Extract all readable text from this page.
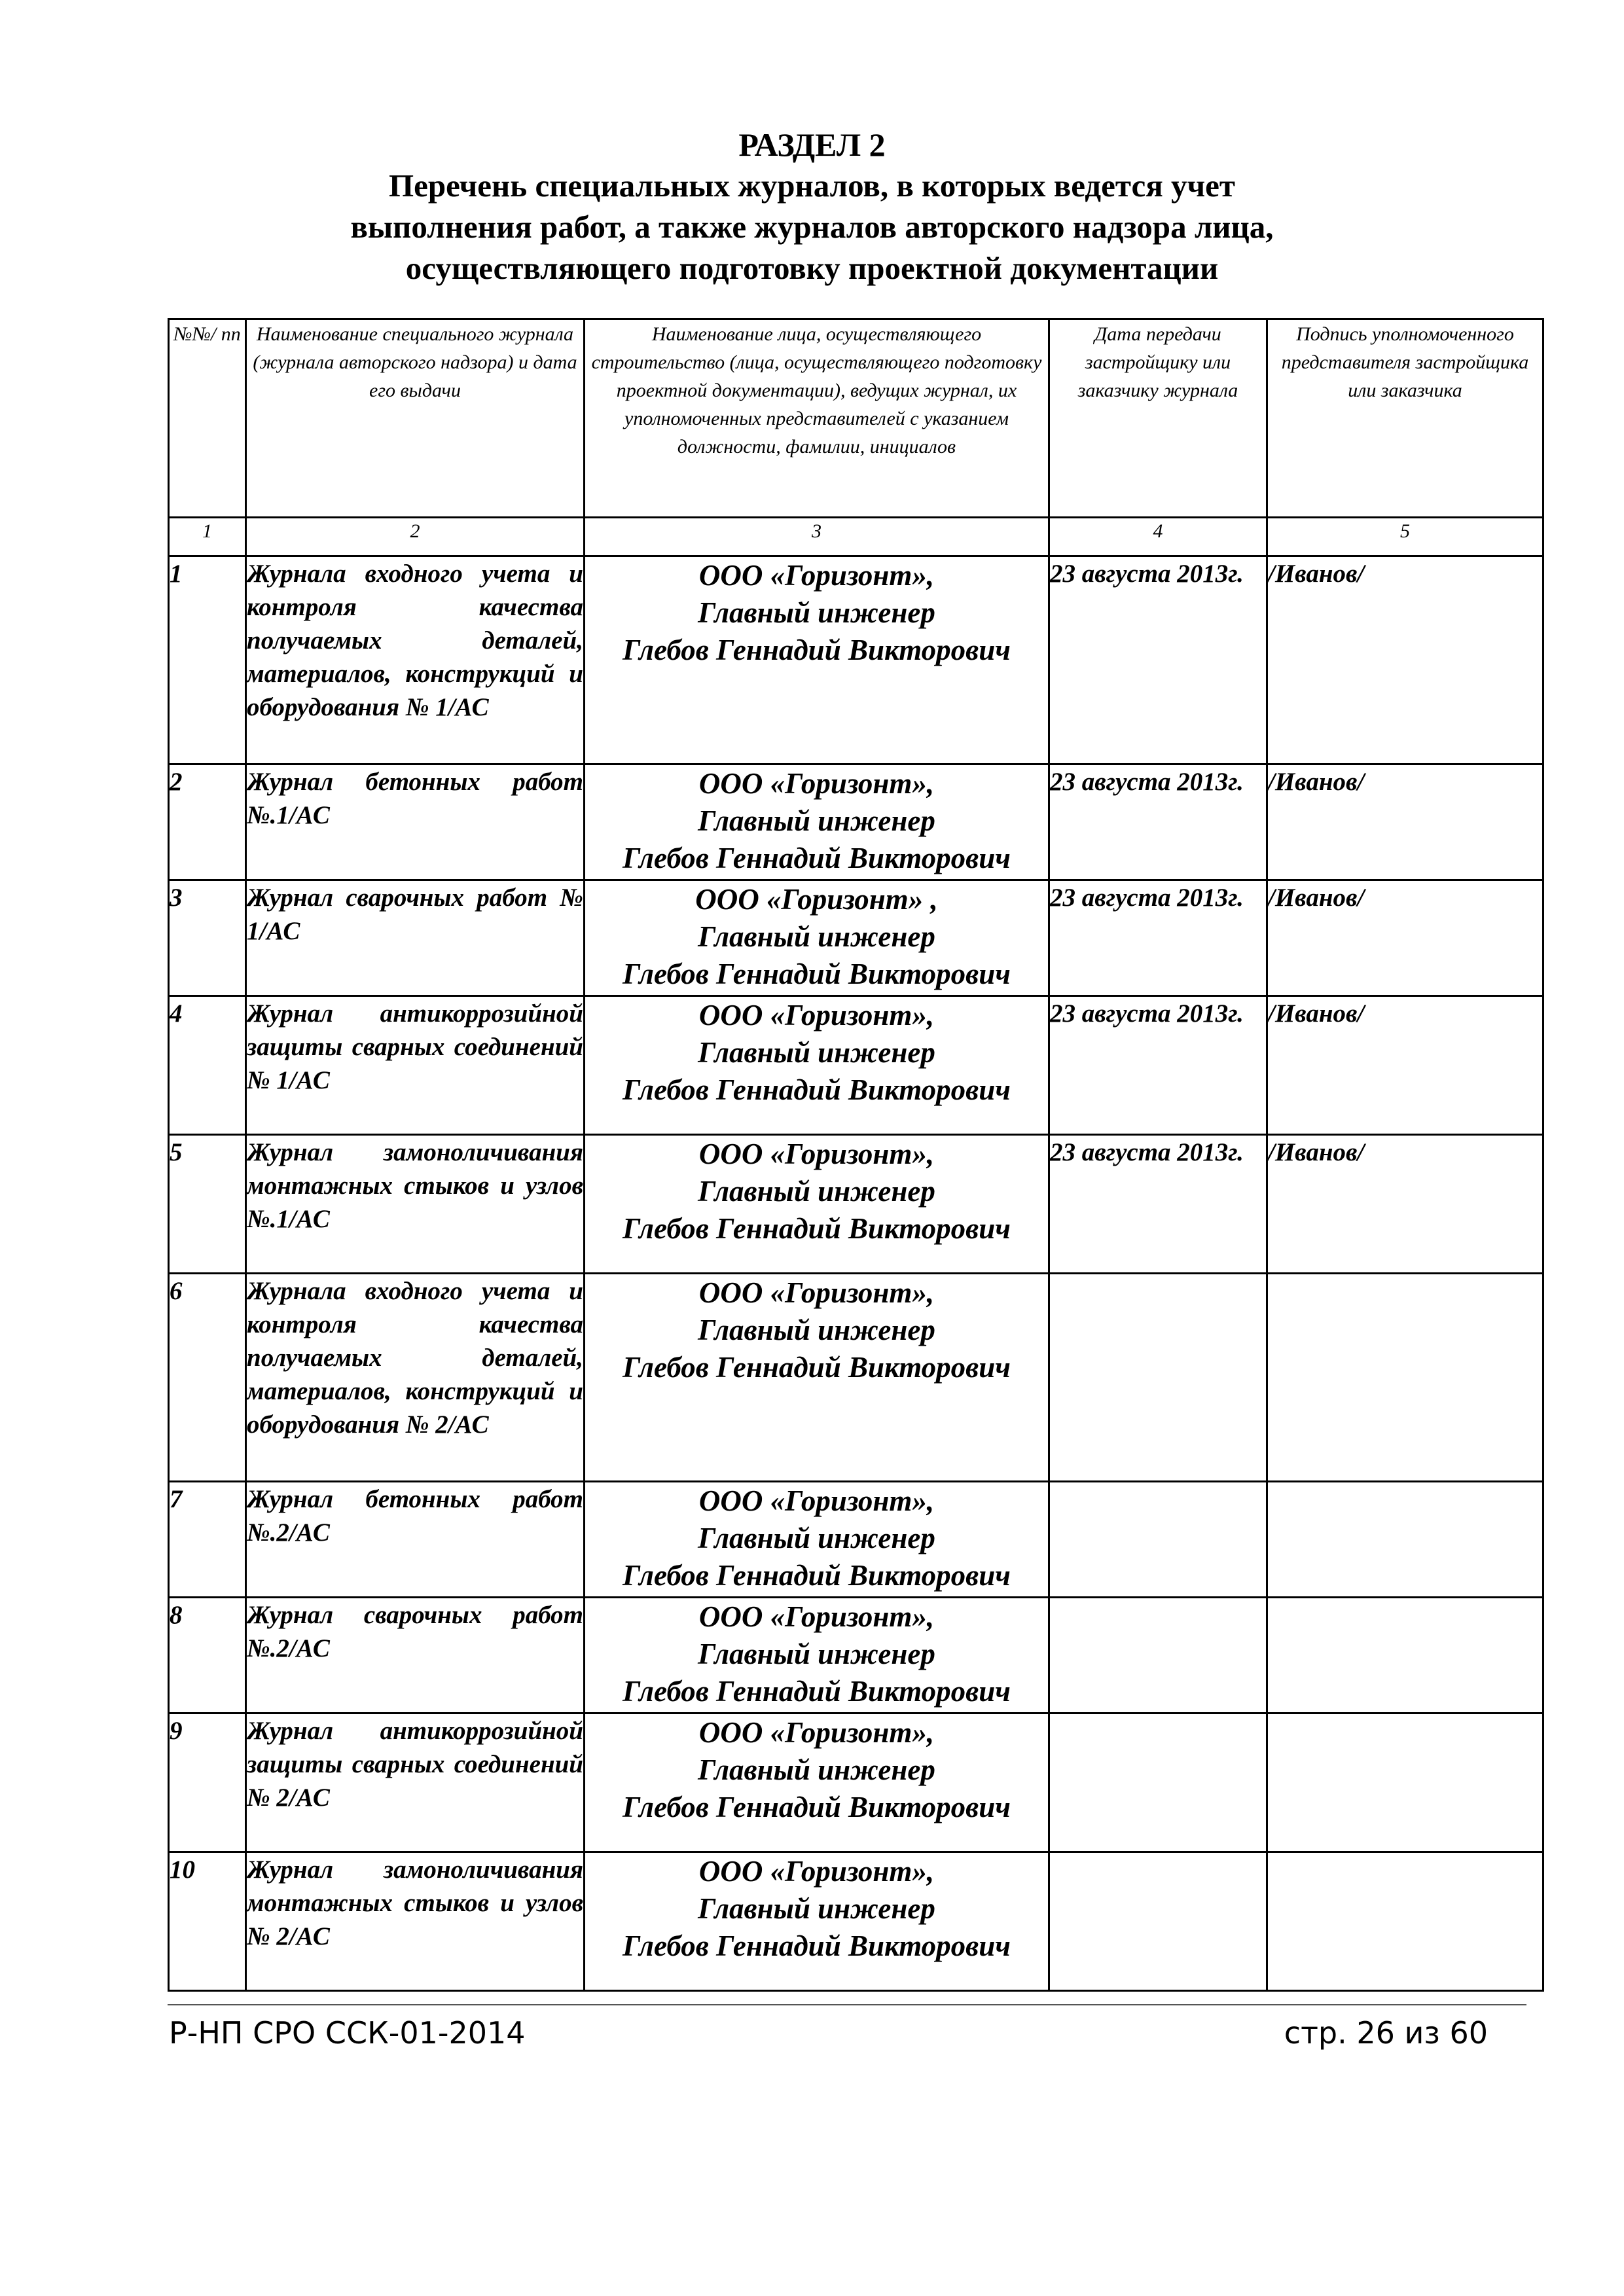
РАЗДЕЛ 2
Перечень специальных журналов, в которых ведется учет
выполнения работ, а также журналов авторского надзора лица,
осуществляющего подготовку проектной документации
№№/ пп	Наименование специального журнала (журнала авторского надзора) и дата его выдачи	Наименование лица, осуществляющего строительство (лица, осуществляющего подготовку проектной документации), ведущих журнал, их уполномоченных представителей с указанием должности, фамилии, инициалов	Дата передачи застройщику или заказчику журнала	Подпись уполномоченного представителя застройщика или заказчика
1	2	3	4	5
1	Журнала входного учета и контроля качества получаемых деталей, материалов, конструкций и оборудования № 1/АС	ООО «Горизонт»,
Главный инженер
Глебов Геннадий Викторович	23 августа 2013г.	/Иванов/
2	Журнал бетонных работ №.1/АС	ООО «Горизонт»,
Главный инженер
Глебов Геннадий Викторович	23 августа 2013г.	/Иванов/
3	Журнал сварочных работ № 1/АС	ООО «Горизонт» ,
Главный инженер
Глебов Геннадий Викторович	23 августа 2013г.	/Иванов/
4	Журнал антикоррозийной защиты сварных соединений № 1/АС	ООО «Горизонт»,
Главный инженер
Глебов Геннадий Викторович	23 августа 2013г.	/Иванов/
5	Журнал замоноличивания монтажных стыков и узлов №.1/АС	ООО «Горизонт»,
Главный инженер
Глебов Геннадий Викторович	23 августа 2013г.	/Иванов/
6	Журнала входного учета и контроля качества получаемых деталей, материалов, конструкций и оборудования № 2/АС	ООО «Горизонт»,
Главный инженер
Глебов Геннадий Викторович		

7	Журнал бетонных работ №.2/АС	ООО «Горизонт»,
Главный инженер
Глебов Геннадий Викторович		

8	Журнал сварочных работ №.2/АС	ООО «Горизонт»,
Главный инженер
Глебов Геннадий Викторович		

9	Журнал антикоррозийной защиты сварных соединений № 2/АС	ООО «Горизонт»,
Главный инженер
Глебов Геннадий Викторович		

10	Журнал замоноличивания монтажных стыков и узлов № 2/АС	ООО «Горизонт»,
Главный инженер
Глебов Геннадий Викторович		

Р-НП СРО ССК-01-2014	стр. 26 из 60
